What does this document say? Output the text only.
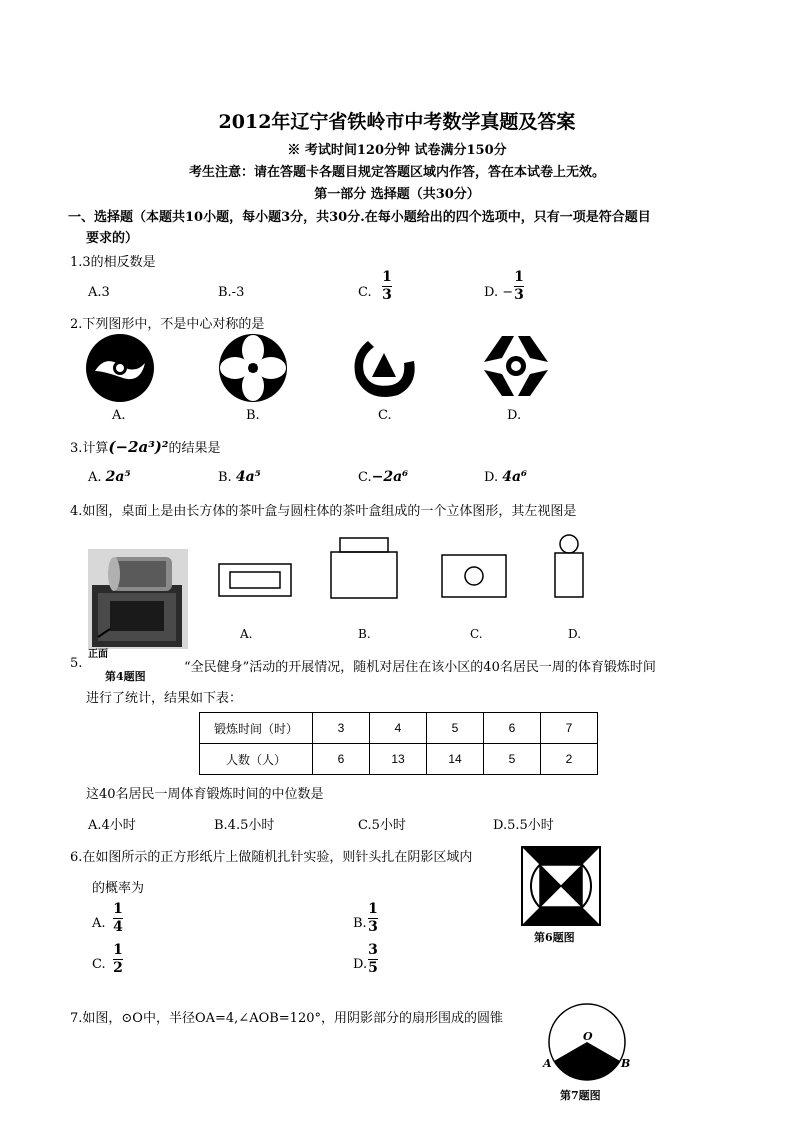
2012年辽宁省铁岭市中考数学真题及答案
※ 考试时间120分钟 试卷满分150分
考生注意：请在答题卡各题目规定答题区域内作答，答在本试卷上无效。
第一部分 选择题（共30分）
一、选择题（本题共10小题，每小题3分，共30分.在每小题给出的四个选项中，只有一项是符合题目
要求的）
1.3的相反数是
A.3	B.-3	C.
1
3	D. −
1
3
2.下列图形中，不是中心对称的是
A.	B.	C.	D.
3.计算(−2a³)²的结果是
A. 2a⁵	B. 4a⁵	C.−2a⁶	D. 4a⁶
4.如图，桌面上是由长方体的茶叶盒与圆柱体的茶叶盒组成的一个立体图形，其左视图是
正面
第4题图
A.	B.	C.	D.
5.	“全民健身”活动的开展情况，随机对居住在该小区的40名居民一周的体育锻炼时间
进行了统计，结果如下表：
锻炼时间（时）	3	4	5	6	7
人数（人）	6	13	14	5	2
这40名居民一周体育锻炼时间的中位数是
A.4小时	B.4.5小时	C.5小时	D.5.5小时
6.在如图所示的正方形纸片上做随机扎针实验，则针头扎在阴影区域内
的概率为
第6题图
A.
1
4	B.
1
3
C.
1
2	D.
3
5
7.如图，⊙O中，半径OA=4,∠AOB=120°，用阴影部分的扇形围成的圆锥
O
A	B
第7题图
